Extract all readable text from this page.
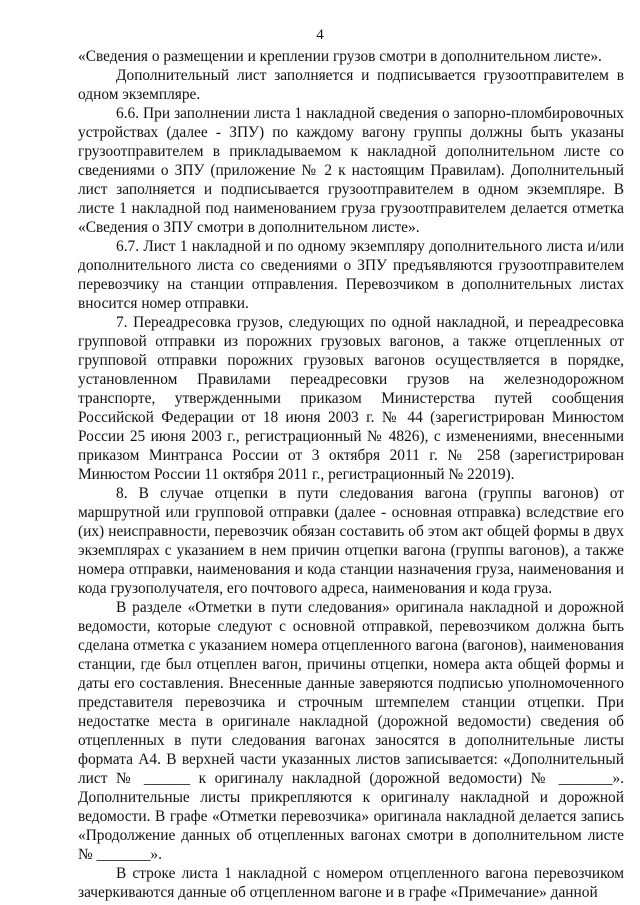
4

«Сведения о размещении и креплении грузов смотри в дополнительном листе».

Дополнительный лист заполняется и подписывается грузоотправителем в одном экземпляре.

6.6. При заполнении листа 1 накладной сведения о запорно-пломбировочных устройствах (далее - ЗПУ) по каждому вагону группы должны быть указаны грузоотправителем в прикладываемом к накладной дополнительном листе со сведениями о ЗПУ (приложение № 2 к настоящим Правилам). Дополнительный лист заполняется и подписывается грузоотправителем в одном экземпляре. В листе 1 накладной под наименованием груза грузоотправителем делается отметка «Сведения о ЗПУ смотри в дополнительном листе».

6.7. Лист 1 накладной и по одному экземпляру дополнительного листа и/или дополнительного листа со сведениями о ЗПУ предъявляются грузоотправителем перевозчику на станции отправления. Перевозчиком в дополнительных листах вносится номер отправки.

7. Переадресовка грузов, следующих по одной накладной, и переадресовка групповой отправки из порожних грузовых вагонов, а также отцепленных от групповой отправки порожних грузовых вагонов осуществляется в порядке, установленном Правилами переадресовки грузов на железнодорожном транспорте, утвержденными приказом Министерства путей сообщения Российской Федерации от 18 июня 2003 г. № 44 (зарегистрирован Минюстом России 25 июня 2003 г., регистрационный № 4826), с изменениями, внесенными приказом Минтранса России от 3 октября 2011 г. № 258 (зарегистрирован Минюстом России 11 октября 2011 г., регистрационный № 22019).

8. В случае отцепки в пути следования вагона (группы вагонов) от маршрутной или групповой отправки (далее - основная отправка) вследствие его (их) неисправности, перевозчик обязан составить об этом акт общей формы в двух экземплярах с указанием в нем причин отцепки вагона (группы вагонов), а также номера отправки, наименования и кода станции назначения груза, наименования и кода грузополучателя, его почтового адреса, наименования и кода груза.

В разделе «Отметки в пути следования» оригинала накладной и дорожной ведомости, которые следуют с основной отправкой, перевозчиком должна быть сделана отметка с указанием номера отцепленного вагона (вагонов), наименования станции, где был отцеплен вагон, причины отцепки, номера акта общей формы и даты его составления. Внесенные данные заверяются подписью уполномоченного представителя перевозчика и строчным штемпелем станции отцепки. При недостатке места в оригинале накладной (дорожной ведомости) сведения об отцепленных в пути следования вагонах заносятся в дополнительные листы формата А4. В верхней части указанных листов записывается: «Дополнительный лист № ______ к оригиналу накладной (дорожной ведомости) № _______». Дополнительные листы прикрепляются к оригиналу накладной и дорожной ведомости. В графе «Отметки перевозчика» оригинала накладной делается запись «Продолжение данных об отцепленных вагонах смотри в дополнительном листе № _______».

В строке листа 1 накладной с номером отцепленного вагона перевозчиком зачеркиваются данные об отцепленном вагоне и в графе «Примечание» данной
